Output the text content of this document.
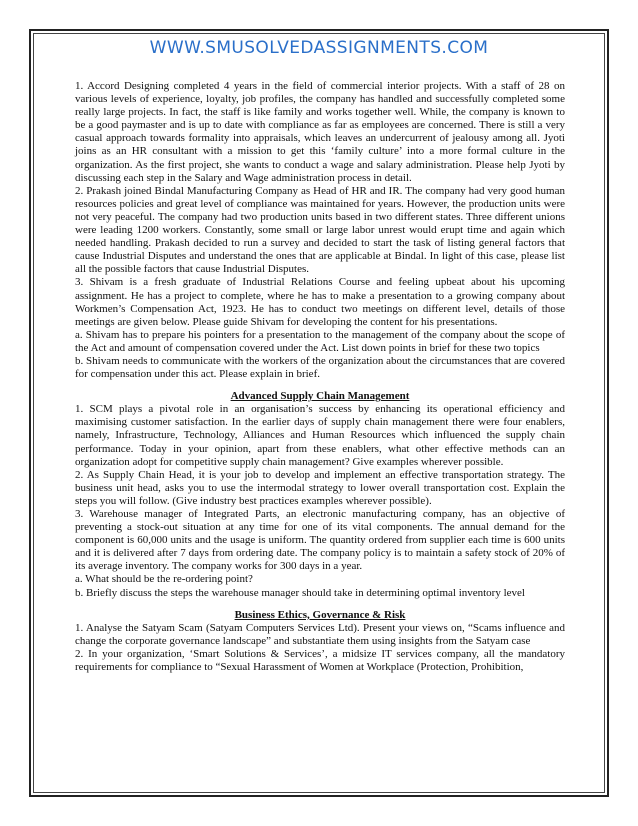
WWW.SMUSOLVEDASSIGNMENTS.COM

1. Accord Designing completed 4 years in the field of commercial interior projects. With a staff of 28 on various levels of experience, loyalty, job profiles, the company has handled and successfully completed some really large projects. In fact, the staff is like family and works together well. While, the company is known to be a good paymaster and is up to date with compliance as far as employees are concerned. There is still a very casual approach towards formality into appraisals, which leaves an undercurrent of jealousy among all. Jyoti joins as an HR consultant with a mission to get this ‘family culture’ into a more formal culture in the organization. As the first project, she wants to conduct a wage and salary administration. Please help Jyoti by discussing each step in the Salary and Wage administration process in detail.

2. Prakash joined Bindal Manufacturing Company as Head of HR and IR. The company had very good human resources policies and great level of compliance was maintained for years. However, the production units were not very peaceful. The company had two production units based in two different states. Three different unions were leading 1200 workers. Constantly, some small or large labor unrest would erupt time and again which needed handling. Prakash decided to run a survey and decided to start the task of listing general factors that cause Industrial Disputes and understand the ones that are applicable at Bindal. In light of this case, please list all the possible factors that cause Industrial Disputes.

3. Shivam is a fresh graduate of Industrial Relations Course and feeling upbeat about his upcoming assignment. He has a project to complete, where he has to make a presentation to a growing company about Workmen’s Compensation Act, 1923. He has to conduct two meetings on different level, details of those meetings are given below. Please guide Shivam for developing the content for his presentations.

a. Shivam has to prepare his pointers for a presentation to the management of the company about the scope of the Act and amount of compensation covered under the Act. List down points in brief for these two topics

b. Shivam needs to communicate with the workers of the organization about the circumstances that are covered for compensation under this act. Please explain in brief.

Advanced Supply Chain Management

1. SCM plays a pivotal role in an organisation’s success by enhancing its operational efficiency and maximising customer satisfaction. In the earlier days of supply chain management there were four enablers, namely, Infrastructure, Technology, Alliances and Human Resources which influenced the supply chain performance. Today in your opinion, apart from these enablers, what other effective methods can an organization adopt for competitive supply chain management? Give examples wherever possible.

2. As Supply Chain Head, it is your job to develop and implement an effective transportation strategy. The business unit head, asks you to use the intermodal strategy to lower overall transportation cost. Explain the steps you will follow. (Give industry best practices examples wherever possible).

3. Warehouse manager of Integrated Parts, an electronic manufacturing company, has an objective of preventing a stock-out situation at any time for one of its vital components. The annual demand for the component is 60,000 units and the usage is uniform. The quantity ordered from supplier each time is 600 units and it is delivered after 7 days from ordering date. The company policy is to maintain a safety stock of 20% of its average inventory. The company works for 300 days in a year.

a. What should be the re-ordering point?

b. Briefly discuss the steps the warehouse manager should take in determining optimal inventory level

Business Ethics, Governance & Risk

1. Analyse the Satyam Scam (Satyam Computers Services Ltd). Present your views on, “Scams influence and change the corporate governance landscape” and substantiate them using insights from the Satyam case

2. In your organization, ‘Smart Solutions & Services’, a midsize IT services company, all the mandatory requirements for compliance to “Sexual Harassment of Women at Workplace (Protection, Prohibition,
